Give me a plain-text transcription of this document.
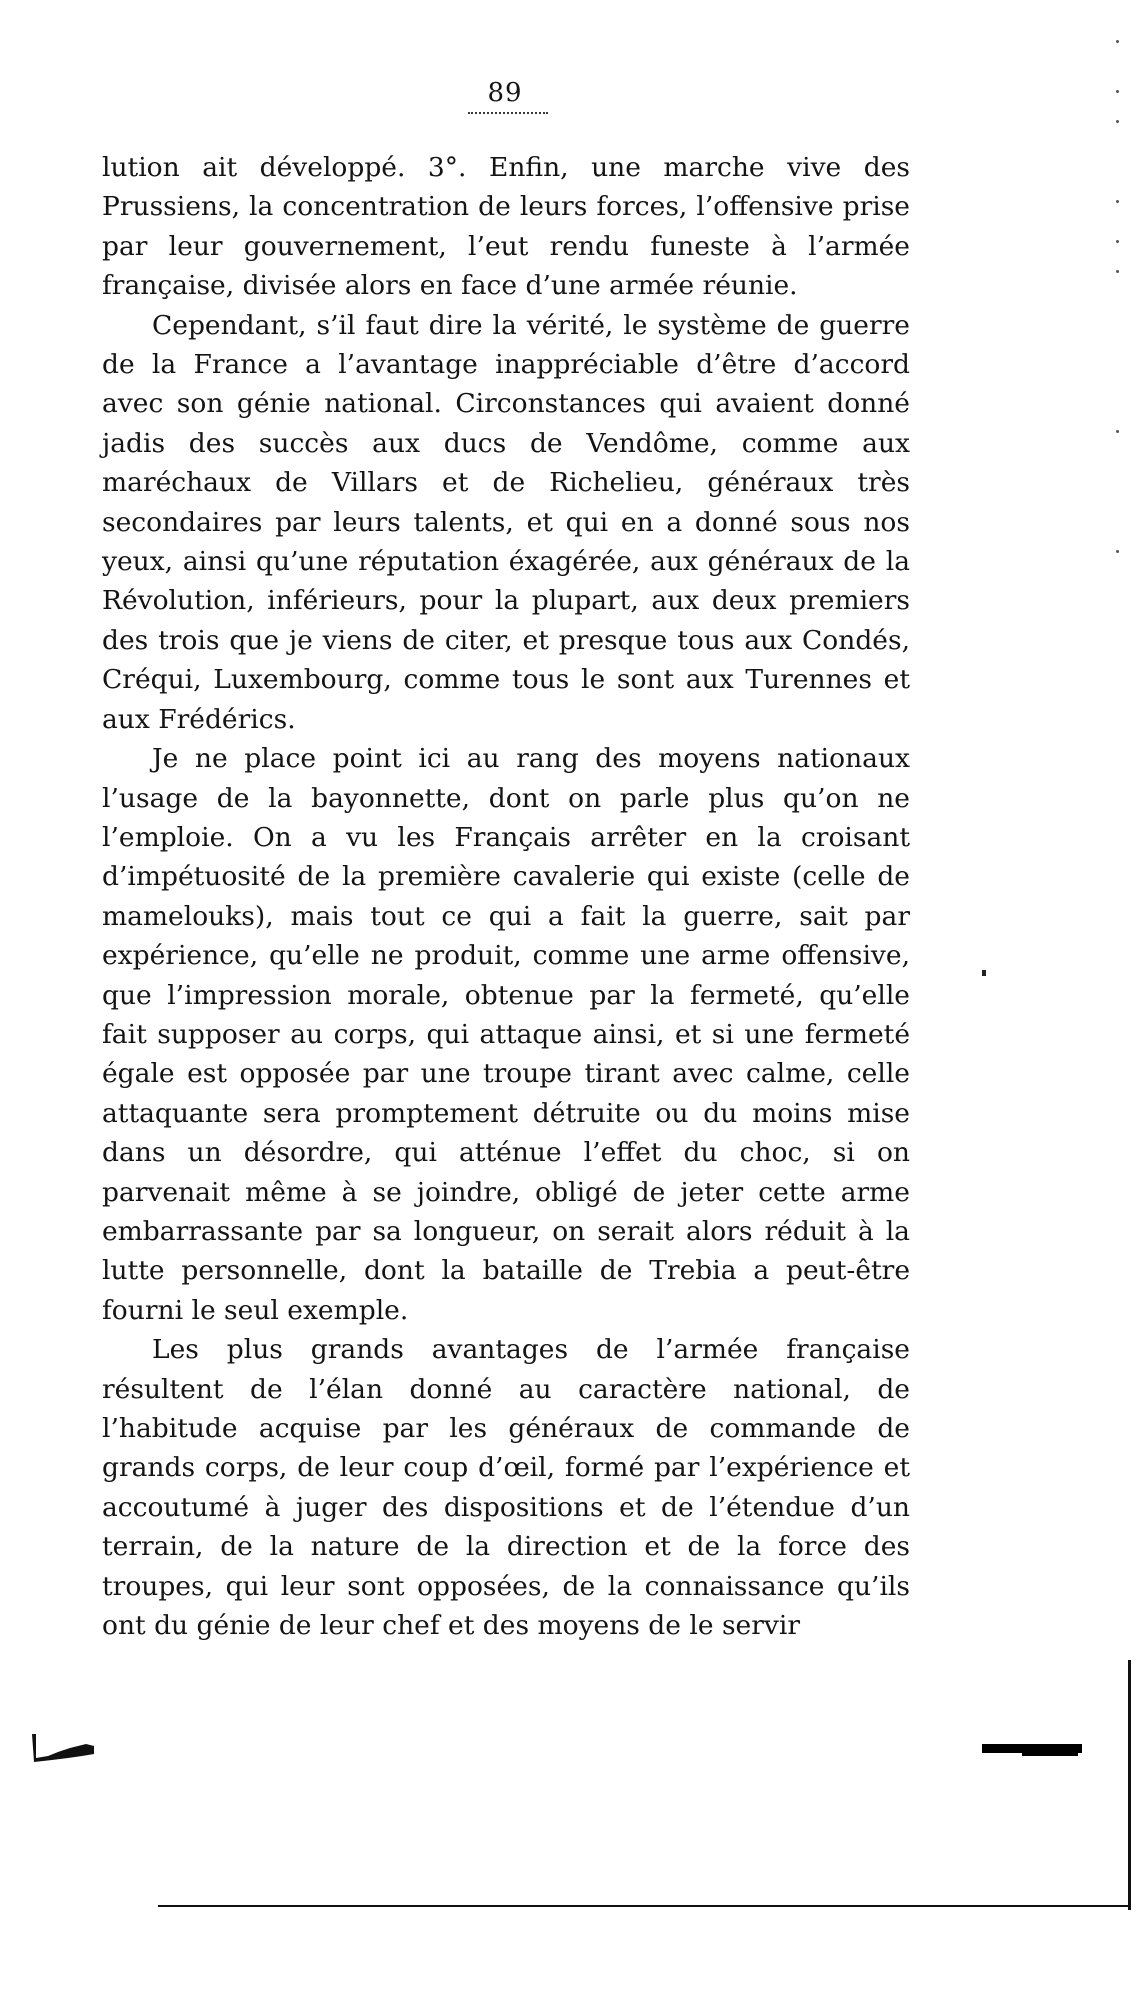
89

lution ait développé. 3°. Enfin, une marche vive des Prussiens, la concentration de leurs forces, l’offensive prise par leur gouvernement, l’eut rendu funeste à l’armée française, divisée alors en face d’une armée réunie.

Cependant, s’il faut dire la vérité, le système de guerre de la France a l’avantage inappréciable d’être d’accord avec son génie national. Circonstances qui avaient donné jadis des succès aux ducs de Vendôme, comme aux maréchaux de Villars et de Richelieu, généraux très secondaires par leurs talents, et qui en a donné sous nos yeux, ainsi qu’une réputation éxagérée, aux généraux de la Révolution, inférieurs, pour la plupart, aux deux premiers des trois que je viens de citer, et presque tous aux Condés, Créqui, Luxembourg, comme tous le sont aux Turennes et aux Frédérics.

Je ne place point ici au rang des moyens nationaux l’usage de la bayonnette, dont on parle plus qu’on ne l’emploie. On a vu les Français arrêter en la croisant d’impétuosité de la première cavalerie qui existe (celle de mamelouks), mais tout ce qui a fait la guerre, sait par expérience, qu’elle ne produit, comme une arme offensive, que l’impression morale, obtenue par la fermeté, qu’elle fait supposer au corps, qui attaque ainsi, et si une fermeté égale est opposée par une troupe tirant avec calme, celle attaquante sera promptement détruite ou du moins mise dans un désordre, qui atténue l’effet du choc, si on parvenait même à se joindre, obligé de jeter cette arme embarrassante par sa longueur, on serait alors réduit à la lutte personnelle, dont la bataille de Trebia a peut-être fourni le seul exemple.

Les plus grands avantages de l’armée française résultent de l’élan donné au caractère national, de l’habitude acquise par les généraux de commande de grands corps, de leur coup d’œil, formé par l’expérience et accoutumé à juger des dispositions et de l’étendue d’un terrain, de la nature de la direction et de la force des troupes, qui leur sont opposées, de la connaissance qu’ils ont du génie de leur chef et des moyens de le servir
